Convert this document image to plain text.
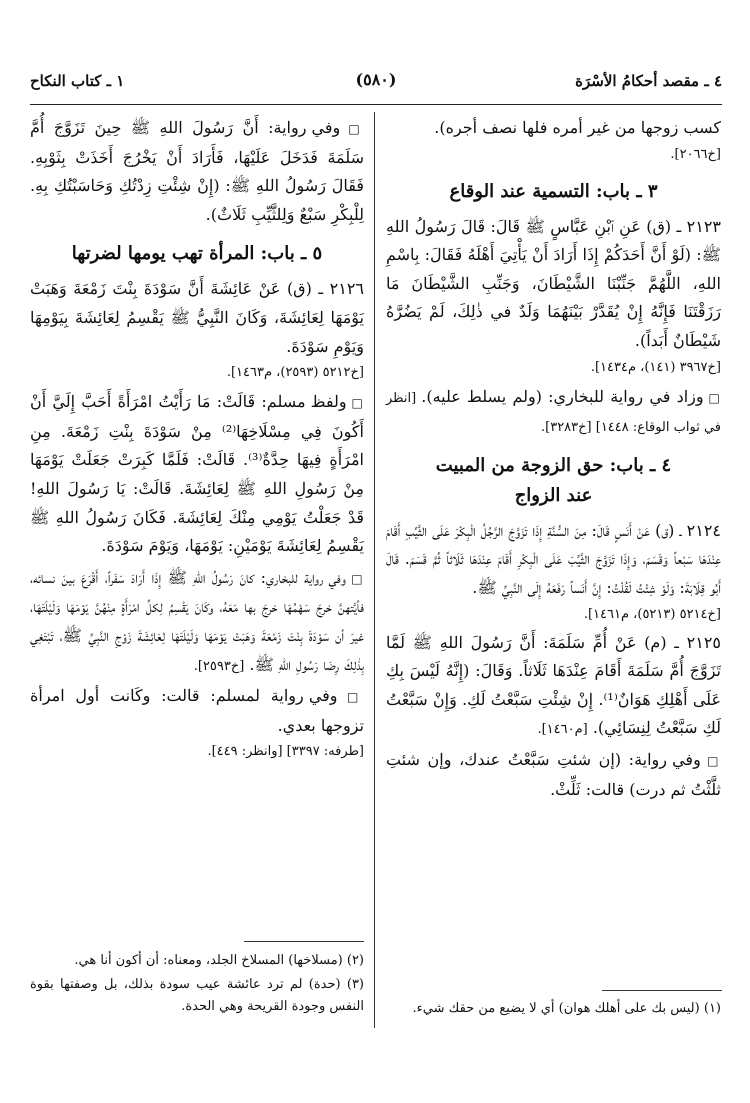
٤ ـ مقصد أحكامُ الأسْرَة
(٥٨٠)
١ ـ كتاب النكاح

كسب زوجها من غير أمره فلها نصف أجره).

[خ٢٠٦٦].

٣ ـ باب: التسمية عند الوقاع

٢١٢٣ ـ (ق) عَنِ ٱبْنِ عَبَّاسٍ ﷺ قَالَ: قَالَ رَسُولُ اللهِ ﷺ: (لَوْ أَنَّ أَحَدَكُمْ إِذَا أَرَادَ أَنْ يَأْتِيَ أَهْلَهُ فَقَالَ: بِاسْمِ اللهِ، اللَّهُمَّ جَنِّبْنَا الشَّيْطَانَ، وَجَنِّبِ الشَّيْطَانَ مَا رَزَقْتَنَا فَإِنَّهُ إِنْ يُقَدَّرْ بَيْنَهُمَا وَلَدٌ في ذٰلِكَ، لَمْ يَضُرَّهُ شَيْطَانٌ أَبَداً).

[خ٣٩٦٧ (١٤١)، م١٤٣٤].

□ وزاد في رواية للبخاري: (ولم يسلط عليه). [انظر في ثواب الوقاع: ١٤٤٨] [خ٣٢٨٣].

٤ ـ باب: حق الزوجة من المبيت
عند الزواج

٢١٢٤ ـ (ق) عَنْ أَنَسٍ قَالَ: مِنَ السُّنَّةِ إِذَا تَزَوَّجَ الرَّجُلُ الْبِكْرَ عَلَى الثَّيِّبِ أَقَامَ عِنْدَهَا سَبْعاً وَقَسَمَ، وَإِذَا تَزَوَّجَ الثَّيِّبَ عَلَى الْبِكْرِ أَقَامَ عِنْدَهَا ثَلَاثاً ثُمَّ قَسَمَ. قَالَ أَبُو قِلَابَةَ: وَلَوْ شِئْتُ لَقُلْتُ: إِنَّ أَنَساً رَفَعَهُ إِلَى النَّبِيِّ ﷺ.

[خ٥٢١٤ (٥٢١٣)، م١٤٦١].

٢١٢٥ ـ (م) عَنْ أُمِّ سَلَمَةَ: أَنَّ رَسُولَ اللهِ ﷺ لَمَّا تَزَوَّجَ أُمَّ سَلَمَةَ أَقَامَ عِنْدَهَا ثَلَاثاً. وَقَالَ: (إِنَّهُ لَيْسَ بِكِ عَلَى أَهْلِكِ هَوَانٌ⁽¹⁾. إِنْ شِئْتِ سَبَّعْتُ لَكِ. وَإِنْ سَبَّعْتُ لَكِ سَبَّعْتُ لِنِسَائِي). [م١٤٦٠].

□ وفي رواية: (إن شئتِ سَبَّعْتُ عندك، وإن شئتِ ثلَّثْتُ ثم درت) قالت: ثَلِّثْ.

(١) (ليس بك على أهلك هوان) أي لا يضيع من حقك شيء.

□ وفي رواية: أَنَّ رَسُولَ اللهِ ﷺ حِينَ تَزَوَّجَ أُمَّ سَلَمَةَ فَدَخَلَ عَلَيْهَا، فَأَرَادَ أَنْ يَخْرُجَ أَخَذَتْ بِثَوْبِهِ. فَقَالَ رَسُولُ اللهِ ﷺ: (إِنْ شِئْتِ زِدْتُكِ وَحَاسَبْتُكِ بِهِ. لِلْبِكْرِ سَبْعٌ وَلِلثَّيِّبِ ثَلَاثٌ).

٥ ـ باب: المرأة تهب يومها لضرتها

٢١٢٦ ـ (ق) عَنْ عَائِشَةَ أَنَّ سَوْدَةَ بِنْتَ زَمْعَةَ وَهَبَتْ يَوْمَهَا لِعَائِشَةَ، وَكَانَ النَّبِيُّ ﷺ يَقْسِمُ لِعَائِشَةَ بِيَوْمِهَا وَيَوْمِ سَوْدَةَ.

[خ٥٢١٢ (٢٥٩٣)، م١٤٦٣].

□ ولفظ مسلم: قَالَتْ: مَا رَأَيْتُ امْرَأَةً أَحَبَّ إِلَيَّ أَنْ أَكُونَ فِي مِسْلَاخِهَا⁽²⁾ مِنْ سَوْدَةَ بِنْتِ زَمْعَةَ. مِنِ امْرَأَةٍ فِيهَا حِدَّةٌ⁽³⁾. قَالَتْ: فَلَمَّا كَبِرَتْ جَعَلَتْ يَوْمَهَا مِنْ رَسُولِ اللهِ ﷺ لِعَائِشَةَ. قَالَتْ: يَا رَسُولَ اللهِ! قَدْ جَعَلْتُ يَوْمِي مِنْكَ لِعَائِشَةَ. فَكَانَ رَسُولُ اللهِ ﷺ يَقْسِمُ لِعَائِشَةَ يَوْمَيْنِ: يَوْمَهَا، وَيَوْمَ سَوْدَةَ.

□ وفي رواية للبخاري: كانَ رَسُولُ اللهِ ﷺ إِذَا أَرَادَ سَفَراً، أَقْرَعَ بينَ نسائه، فأيَّتهنَّ خرجَ سَهْمُهَا خرجَ بها مَعَهُ، وكَانَ يَقْسِمُ لِكلِّ امْرَأَةٍ مِنْهُنَّ يَوْمَهَا وَلَيْلَتَهَا، غيرَ أن سَوْدَةَ بِنْتَ زَمْعَةَ وَهَبَتْ يَوْمَهَا وَلَيْلَتَهَا لِعَائِشَةَ زَوْجِ النَّبِيِّ ﷺ، تَبْتَغِي بِذٰلِكَ رِضَا رَسُولِ اللهِ ﷺ. [خ٢٥٩٣].

□ وفي رواية لمسلم: قالت: وكَانت أول امرأة تزوجها بعدي.

[طرفه: ٣٣٩٧] [وانظر: ٤٤٩].

(٢) (مسلاخها) المسلاخ الجلد، ومعناه: أن أكون أنا هي.

(٣) (حدة) لم ترد عائشة عيب سودة بذلك، بل وصفتها بقوة النفس وجودة القريحة وهي الحدة.
